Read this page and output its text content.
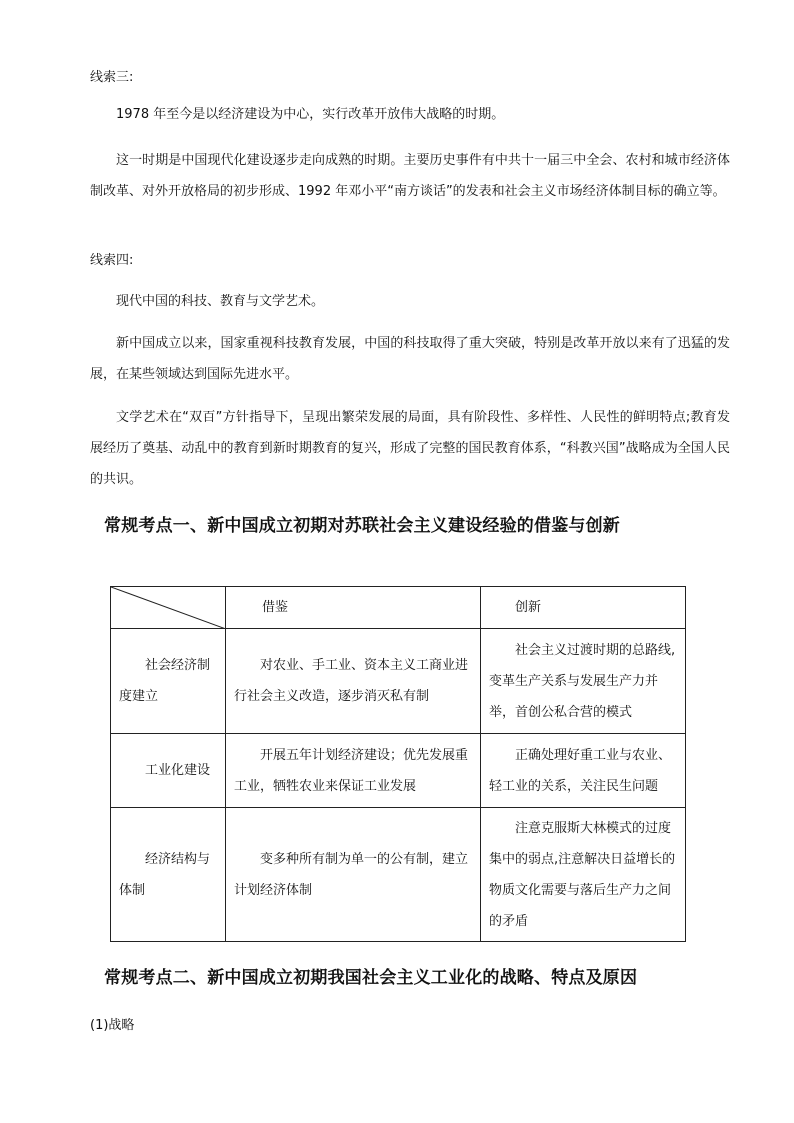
线索三:

1978 年至今是以经济建设为中心，实行改革开放伟大战略的时期。

这一时期是中国现代化建设逐步走向成熟的时期。主要历史事件有中共十一届三中全会、农村和城市经济体制改革、对外开放格局的初步形成、1992 年邓小平“南方谈话”的发表和社会主义市场经济体制目标的确立等。

线索四:

现代中国的科技、教育与文学艺术。

新中国成立以来，国家重视科技教育发展，中国的科技取得了重大突破，特别是改革开放以来有了迅猛的发展，在某些领域达到国际先进水平。

文学艺术在“双百”方针指导下，呈现出繁荣发展的局面，具有阶段性、多样性、人民性的鲜明特点;教育发展经历了奠基、动乱中的教育到新时期教育的复兴，形成了完整的国民教育体系，“科教兴国”战略成为全国人民的共识。

常规考点一、新中国成立初期对苏联社会主义建设经验的借鉴与创新
	借鉴	创新
社会经济制度建立	对农业、手工业、资本主义工商业进行社会主义改造，逐步消灭私有制	社会主义过渡时期的总路线,变革生产关系与发展生产力并举，首创公私合营的模式
工业化建设	开展五年计划经济建设；优先发展重工业，牺牲农业来保证工业发展	正确处理好重工业与农业、轻工业的关系，关注民生问题
经济结构与体制	变多种所有制为单一的公有制，建立计划经济体制	注意克服斯大林模式的过度集中的弱点,注意解决日益增长的物质文化需要与落后生产力之间的矛盾
常规考点二、新中国成立初期我国社会主义工业化的战略、特点及原因

(1)战略
